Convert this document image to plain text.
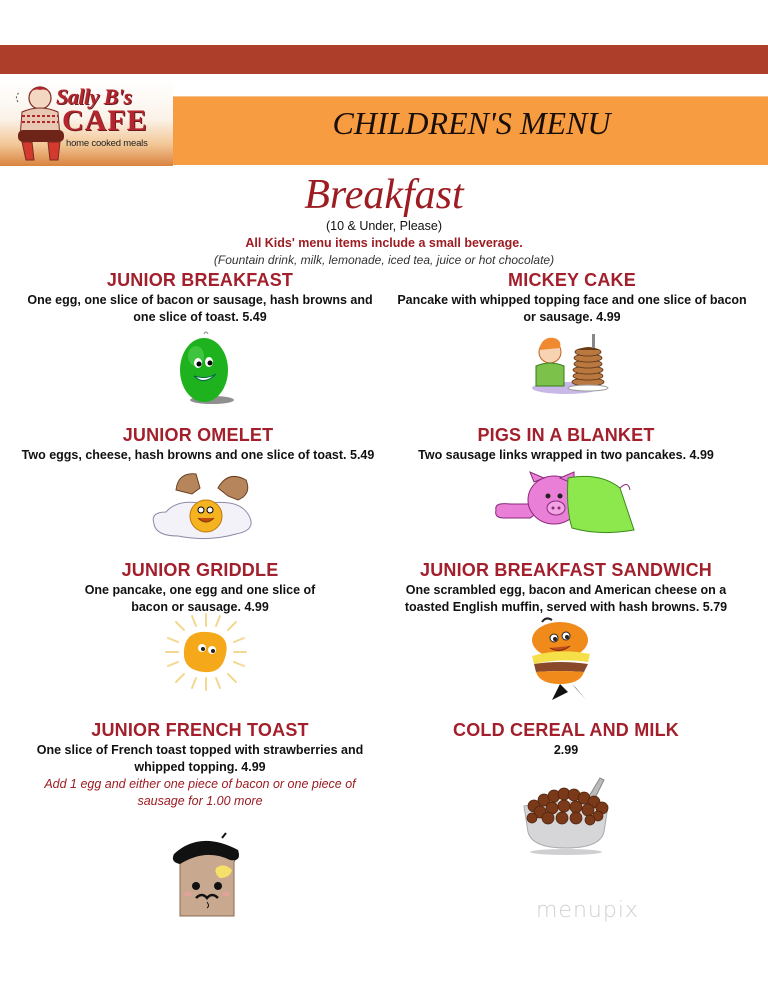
Sally B's
CAFE
home cooked meals
CHILDREN'S MENU
Breakfast
(10 & Under, Please)
All Kids' menu items include a small beverage.
(Fountain drink, milk, lemonade, iced tea, juice or hot chocolate)
JUNIOR BREAKFAST
One egg, one slice of bacon or sausage, hash browns and one slice of toast. 5.49
MICKEY CAKE
Pancake with whipped topping face and one slice of bacon or sausage. 4.99
JUNIOR OMELET
Two eggs, cheese, hash browns and one slice of toast. 5.49
PIGS IN A BLANKET
Two sausage links wrapped in two pancakes. 4.99
JUNIOR GRIDDLE
One pancake, one egg and one slice of bacon or sausage. 4.99
JUNIOR BREAKFAST SANDWICH
One scrambled egg, bacon and American cheese on a toasted English muffin, served with hash browns. 5.79
JUNIOR FRENCH TOAST
One slice of French toast topped with strawberries and whipped topping. 4.99
Add 1 egg and either one piece of bacon or one piece of sausage for 1.00 more
COLD CEREAL AND MILK
2.99
menupix
